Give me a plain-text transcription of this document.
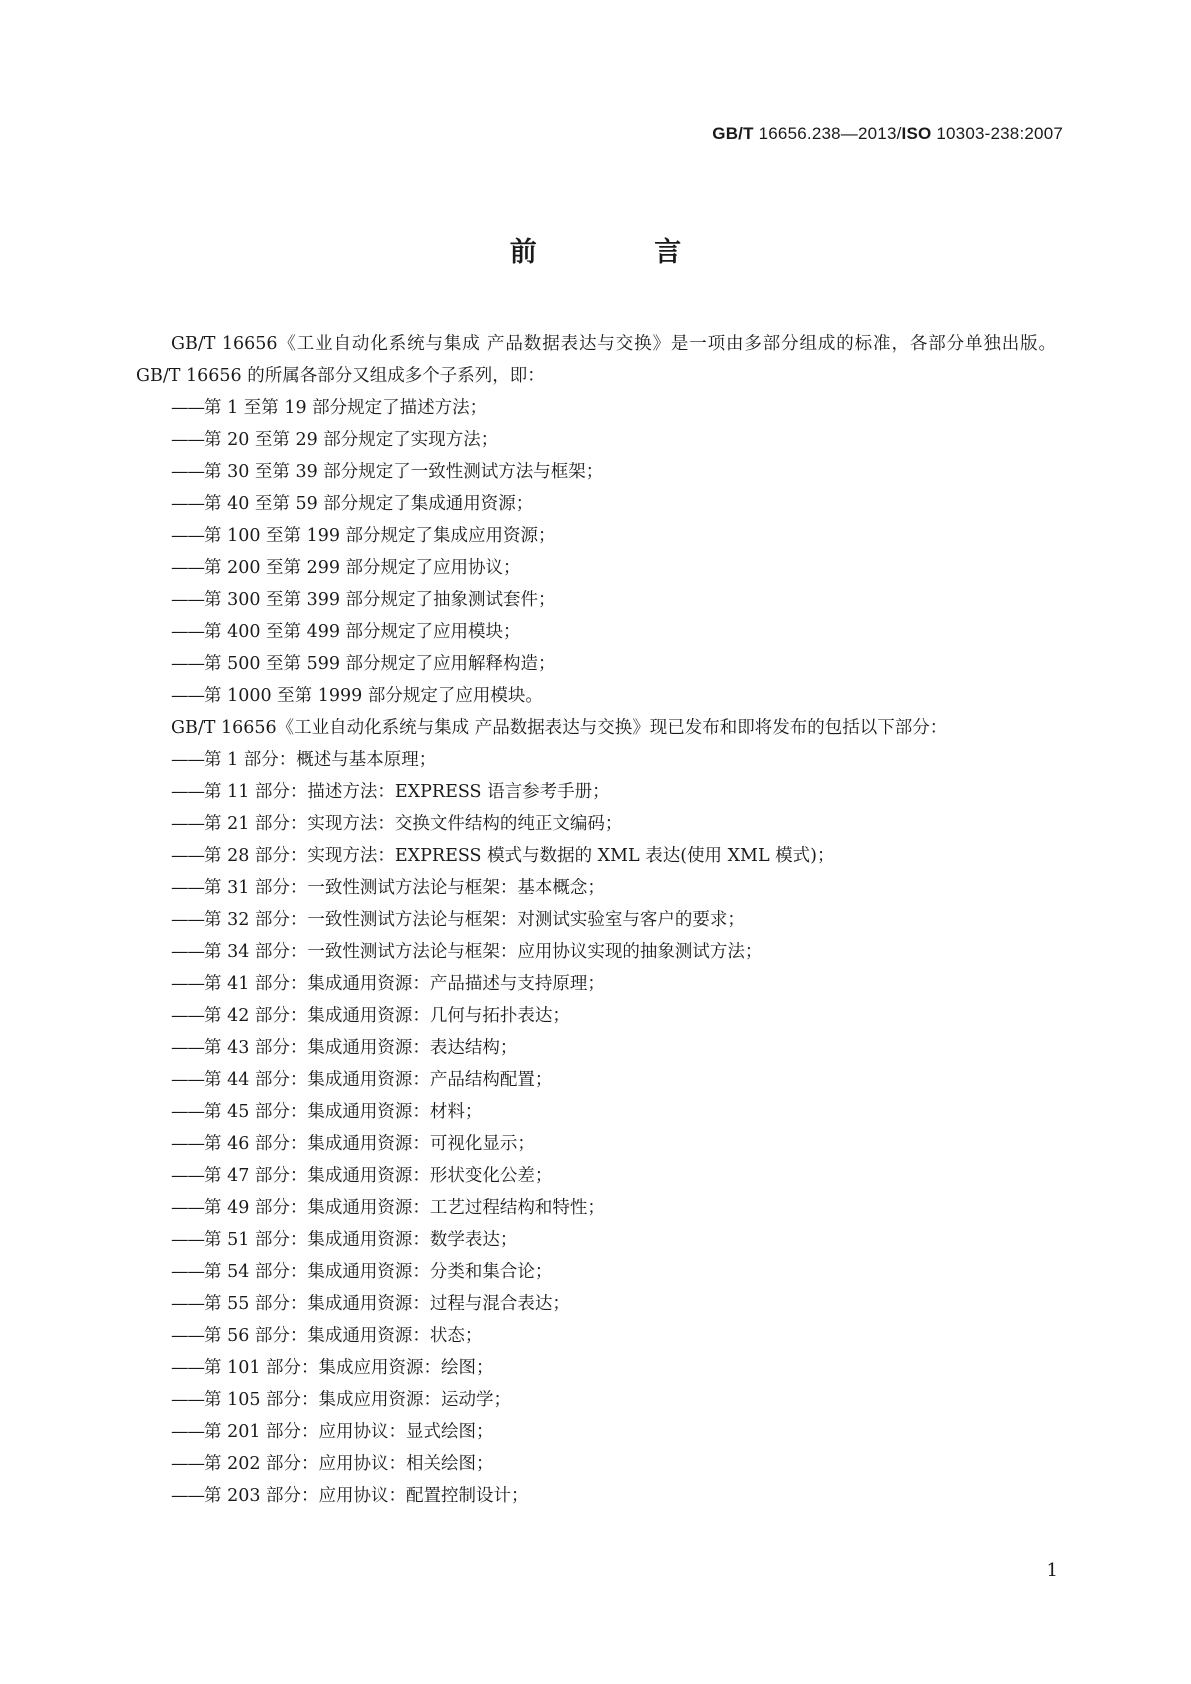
GB/T 16656.238—2013/ISO 10303-238:2007
前 言

GB/T 16656《工业自动化系统与集成 产品数据表达与交换》是一项由多部分组成的标准，各部分单独出版。GB/T 16656 的所属各部分又组成多个子系列，即：

——第 1 至第 19 部分规定了描述方法；
——第 20 至第 29 部分规定了实现方法；
——第 30 至第 39 部分规定了一致性测试方法与框架；
——第 40 至第 59 部分规定了集成通用资源；
——第 100 至第 199 部分规定了集成应用资源；
——第 200 至第 299 部分规定了应用协议；
——第 300 至第 399 部分规定了抽象测试套件；
——第 400 至第 499 部分规定了应用模块；
——第 500 至第 599 部分规定了应用解释构造；
——第 1000 至第 1999 部分规定了应用模块。

GB/T 16656《工业自动化系统与集成 产品数据表达与交换》现已发布和即将发布的包括以下部分：

——第 1 部分：概述与基本原理；
——第 11 部分：描述方法：EXPRESS 语言参考手册；
——第 21 部分：实现方法：交换文件结构的纯正文编码；
——第 28 部分：实现方法：EXPRESS 模式与数据的 XML 表达(使用 XML 模式)；
——第 31 部分：一致性测试方法论与框架：基本概念；
——第 32 部分：一致性测试方法论与框架：对测试实验室与客户的要求；
——第 34 部分：一致性测试方法论与框架：应用协议实现的抽象测试方法；
——第 41 部分：集成通用资源：产品描述与支持原理；
——第 42 部分：集成通用资源：几何与拓扑表达；
——第 43 部分：集成通用资源：表达结构；
——第 44 部分：集成通用资源：产品结构配置；
——第 45 部分：集成通用资源：材料；
——第 46 部分：集成通用资源：可视化显示；
——第 47 部分：集成通用资源：形状变化公差；
——第 49 部分：集成通用资源：工艺过程结构和特性；
——第 51 部分：集成通用资源：数学表达；
——第 54 部分：集成通用资源：分类和集合论；
——第 55 部分：集成通用资源：过程与混合表达；
——第 56 部分：集成通用资源：状态；
——第 101 部分：集成应用资源：绘图；
——第 105 部分：集成应用资源：运动学；
——第 201 部分：应用协议：显式绘图；
——第 202 部分：应用协议：相关绘图；
——第 203 部分：应用协议：配置控制设计；
1
